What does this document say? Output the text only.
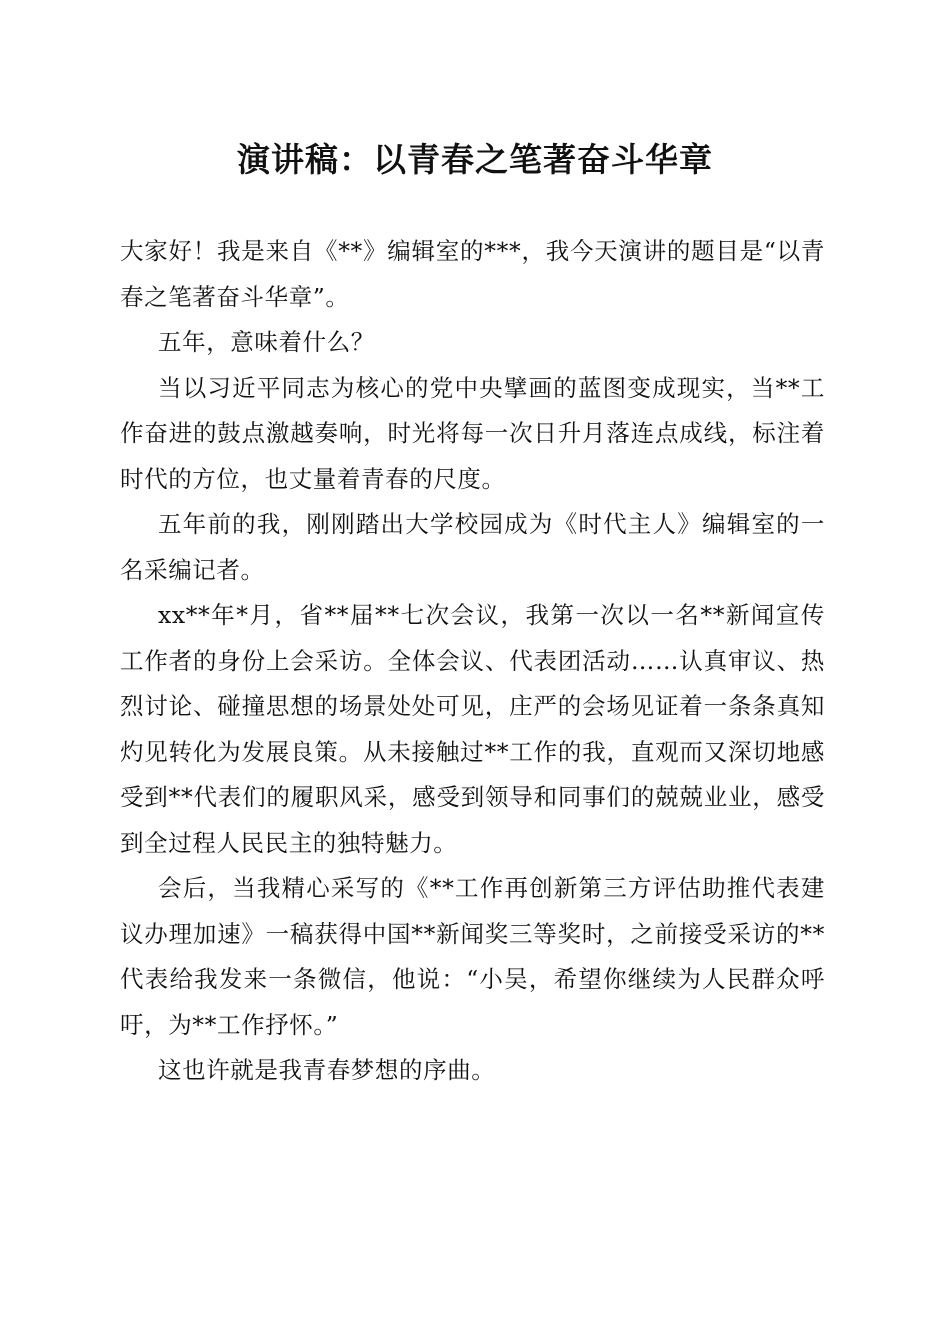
演讲稿：以青春之笔著奋斗华章

大家好！我是来自《**》编辑室的***，我今天演讲的题目是“以青春之笔著奋斗华章”。

五年，意味着什么？

当以习近平同志为核心的党中央擘画的蓝图变成现实，当**工作奋进的鼓点激越奏响，时光将每一次日升月落连点成线，标注着时代的方位，也丈量着青春的尺度。

五年前的我，刚刚踏出大学校园成为《时代主人》编辑室的一名采编记者。

xx**年*月，省**届**七次会议，我第一次以一名**新闻宣传工作者的身份上会采访。全体会议、代表团活动……认真审议、热烈讨论、碰撞思想的场景处处可见，庄严的会场见证着一条条真知灼见转化为发展良策。从未接触过**工作的我，直观而又深切地感受到**代表们的履职风采，感受到领导和同事们的兢兢业业，感受到全过程人民民主的独特魅力。

会后，当我精心采写的《**工作再创新第三方评估助推代表建议办理加速》一稿获得中国**新闻奖三等奖时，之前接受采访的**代表给我发来一条微信，他说：“小吴，希望你继续为人民群众呼吁，为**工作抒怀。”

这也许就是我青春梦想的序曲。
